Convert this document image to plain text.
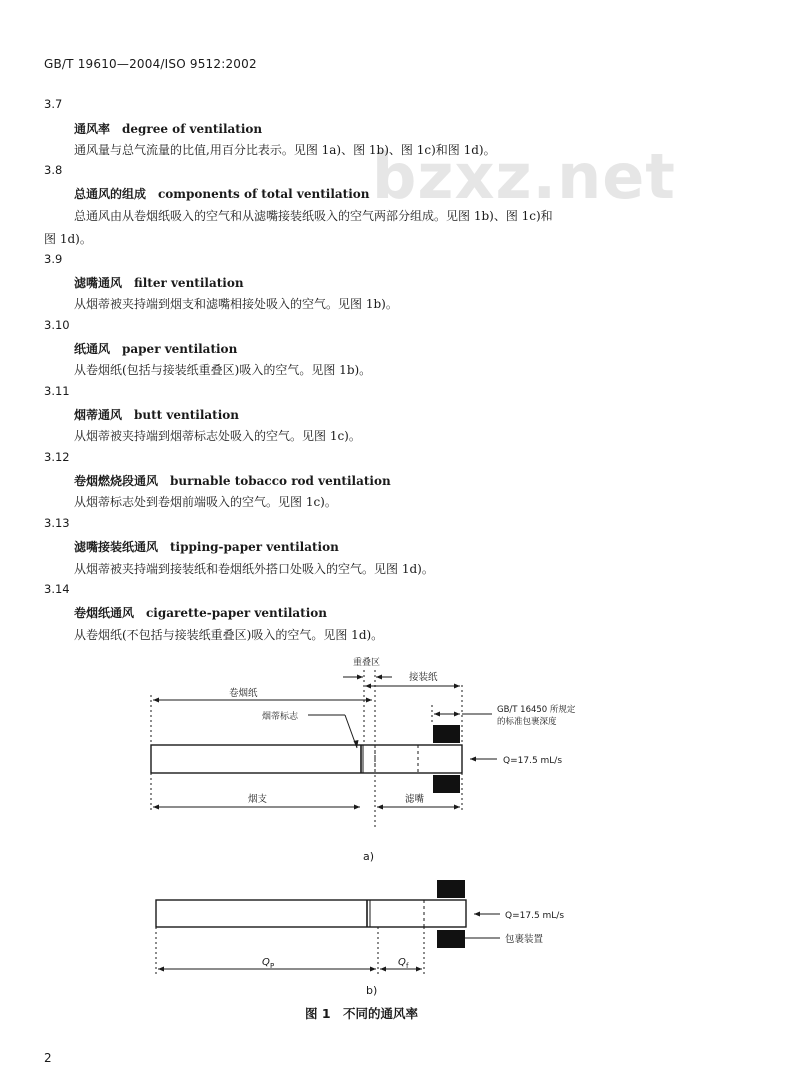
GB/T 19610—2004/ISO 9512:2002
bzxz.net
3.7
通风率　degree of ventilation
通风量与总气流量的比值,用百分比表示。见图 1a)、图 1b)、图 1c)和图 1d)。
3.8
总通风的组成　components of total ventilation
总通风由从卷烟纸吸入的空气和从滤嘴接装纸吸入的空气两部分组成。见图 1b)、图 1c)和
图 1d)。
3.9
滤嘴通风　filter ventilation
从烟蒂被夹持端到烟支和滤嘴相接处吸入的空气。见图 1b)。
3.10
纸通风　paper ventilation
从卷烟纸(包括与接装纸重叠区)吸入的空气。见图 1b)。
3.11
烟蒂通风　butt ventilation
从烟蒂被夹持端到烟蒂标志处吸入的空气。见图 1c)。
3.12
卷烟燃烧段通风　burnable tobacco rod ventilation
从烟蒂标志处到卷烟前端吸入的空气。见图 1c)。
3.13
滤嘴接装纸通风　tipping-paper ventilation
从烟蒂被夹持端到接装纸和卷烟纸外搭口处吸入的空气。见图 1d)。
3.14
卷烟纸通风　cigarette-paper ventilation
从卷烟纸(不包括与接装纸重叠区)吸入的空气。见图 1d)。
重叠区
接装纸
卷烟纸
烟蒂标志
GB/T 16450 所规定
的标准包裹深度
Q=17.5 mL/s
烟支	滤嘴
Q=17.5 mL/s
包裹装置
Q P	Q f
a)
b)
图 1　不同的通风率
2
